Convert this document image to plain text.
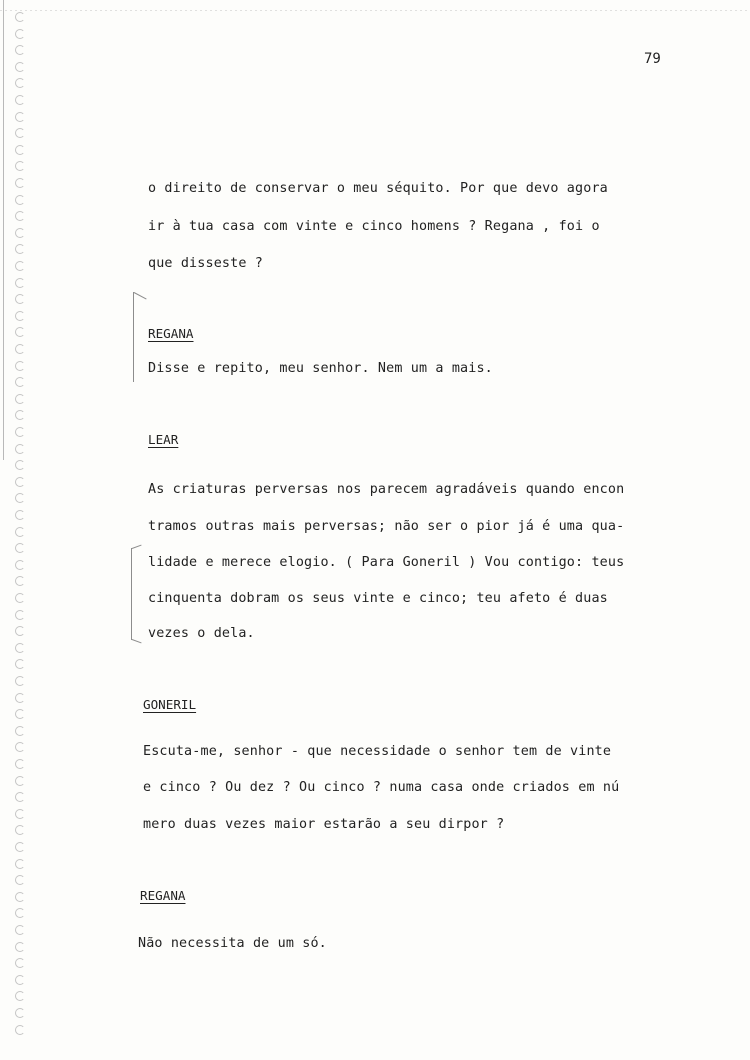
79
o direito de conservar o meu séquito. Por que devo agora
ir à tua casa com vinte e cinco homens ? Regana , foi o
que disseste ?
REGANA
Disse e repito, meu senhor. Nem um a mais.
LEAR
As criaturas perversas nos parecem agradáveis quando encon
tramos outras mais perversas; não ser o pior já é uma qua-
lidade e merece elogio. ( Para Goneril ) Vou contigo: teus
cinquenta dobram os seus vinte e cinco; teu afeto é duas
vezes o dela.
GONERIL
Escuta-me, senhor - que necessidade o senhor tem de vinte
e cinco ? Ou dez ? Ou cinco ? numa casa onde criados em nú
mero duas vezes maior estarão a seu dirpor ?
REGANA
Não necessita de um só.
